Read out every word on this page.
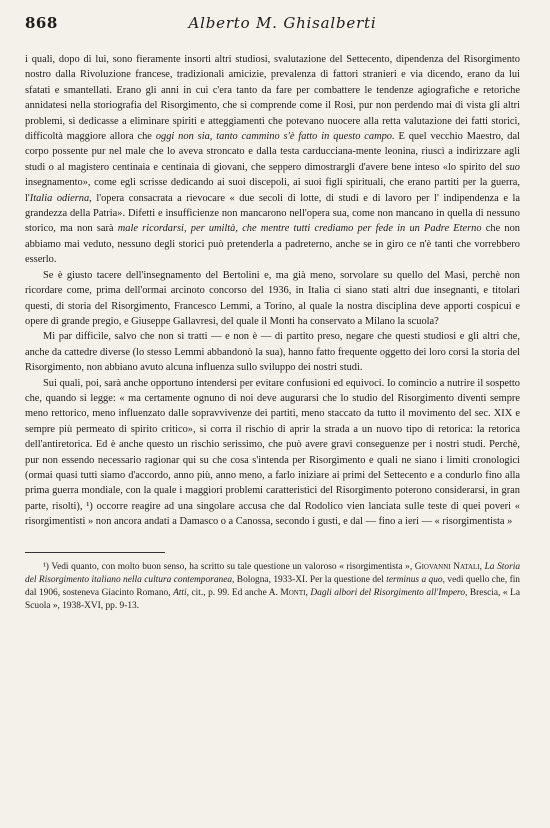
868	Alberto M. Ghisalberti

i quali, dopo di lui, sono fieramente insorti altri studiosi, svalutazione del Settecento, dipendenza del Risorgimento nostro dalla Rivoluzione francese, tradizionali amicizie, prevalenza di fattori stranieri e via dicendo, erano da lui sfatati e smantellati. Erano gli anni in cui c'era tanto da fare per combattere le tendenze agiografiche e retoriche annidatesi nella storiografia del Risorgimento, che si comprende come il Rosi, pur non perdendo mai di vista gli altri problemi, si dedicasse a eliminare spiriti e atteggiamenti che potevano nuocere alla retta valutazione dei fatti storici, difficoltà maggiore allora che oggi non sia, tanto cammino s'è fatto in questo campo. E quel vecchio Maestro, dal corpo possente pur nel male che lo aveva stroncato e dalla testa carducciana-mente leonina, riuscì a indirizzare agli studi o al magistero centinaia e centinaia di giovani, che seppero dimostrargli d'avere bene inteso «lo spirito del suo insegnamento», come egli scrisse dedicando ai suoi discepoli, ai suoi figli spirituali, che erano partiti per la guerra, l'Italia odierna, l'opera consacrata a rievocare « due secoli di lotte, di studi e di lavoro per l' indipendenza e la grandezza della Patria». Difetti e insufficienze non mancarono nell'opera sua, come non mancano in quella di nessuno storico, ma non sarà male ricordarsi, per umiltà, che mentre tutti crediamo per fede in un Padre Eterno che non abbiamo mai veduto, nessuno degli storici può pretenderla a padreterno, anche se in giro ce n'è tanti che vorrebbero esserlo.

Se è giusto tacere dell'insegnamento del Bertolini e, ma già meno, sorvolare su quello del Masi, perchè non ricordare come, prima dell'ormai arcinoto concorso del 1936, in Italia ci siano stati altri due insegnanti, e titolari questi, di storia del Risorgimento, Francesco Lemmi, a Torino, al quale la nostra disciplina deve apporti cospicui e opere di grande pregio, e Giuseppe Gallavresi, del quale il Monti ha conservato a Milano la scuola?

Mi par difficile, salvo che non si tratti — e non è — di partito preso, negare che questi studiosi e gli altri che, anche da cattedre diverse (lo stesso Lemmi abbandonò la sua), hanno fatto frequente oggetto dei loro corsi la storia del Risorgimento, non abbiano avuto alcuna influenza sullo sviluppo dei nostri studi.

Sui quali, poi, sarà anche opportuno intendersi per evitare confusioni ed equivoci. Io comincio a nutrire il sospetto che, quando si legge: « ma certamente ognuno di noi deve augurarsi che lo studio del Risorgimento diventi sempre meno rettorico, meno influenzato dalle sopravvivenze dei partiti, meno staccato da tutto il movimento del sec. XIX e sempre più permeato di spirito critico», si corra il rischio di aprir la strada a un nuovo tipo di retorica: la retorica dell'antiretorica. Ed è anche questo un rischio serissimo, che può avere gravi conseguenze per i nostri studi. Perchè, pur non essendo necessario ragionar qui su che cosa s'intenda per Risorgimento e quali ne siano i limiti cronologici (ormai quasi tutti siamo d'accordo, anno più, anno meno, a farlo iniziare ai primi del Settecento e a condurlo fino alla prima guerra mondiale, con la quale i maggiori problemi caratteristici del Risorgimento poterono considerarsi, in gran parte, risolti), ¹) occorre reagire ad una singolare accusa che dal Rodolico vien lanciata sulle teste di quei poveri « risorgimentisti » non ancora andati a Damasco o a Canossa, secondo i gusti, e dal — fino a ieri — « risorgimentista »

¹) Vedi quanto, con molto buon senso, ha scritto su tale questione un valoroso « risorgimentista », Giovanni Natali, La Storia del Risorgimento italiano nella cultura contemporanea, Bologna, 1933-XI. Per la questione del terminus a quo, vedi quello che, fin dal 1906, sosteneva Giacinto Romano, Atti, cit., p. 99. Ed anche A. Monti, Dagli albori del Risorgimento all'Impero, Brescia, « La Scuola », 1938-XVI, pp. 9-13.
